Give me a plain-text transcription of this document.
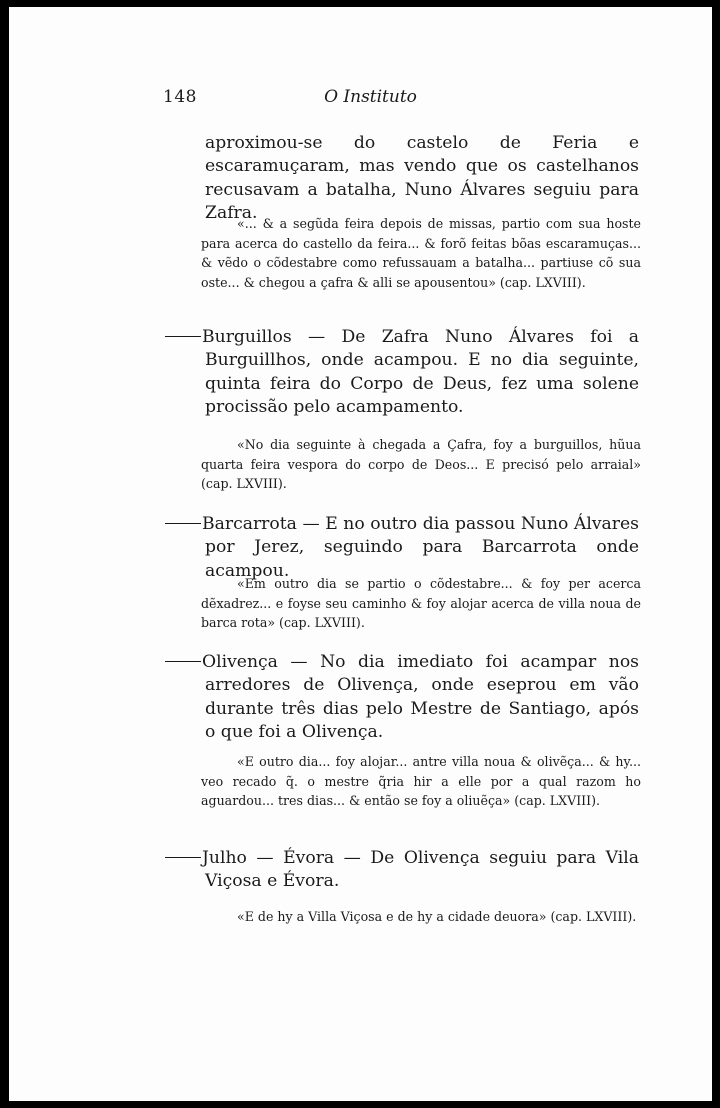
148	O Instituto
aproximou-se do castelo de Feria e escaramuçaram, mas vendo que os castelhanos recusavam a batalha, Nuno Álvares seguiu para Zafra.
«... & a segũda feira depois de missas, partio com sua hoste para acerca do castello da feira... & forõ feitas bõas escaramuças... & vẽdo o cõdestabre como refussauam a batalha... partiuse cõ sua oste... & chegou a çafra & alli se apousentou» (cap. LXVIII).
Burguillos — De Zafra Nuno Álvares foi a Burguillhos, onde acampou. E no dia seguinte, quinta feira do Corpo de Deus, fez uma solene procissão pelo acampamento.
«No dia seguinte à chegada a Çafra, foy a burguillos, hũua quarta feira vespora do corpo de Deos... E precisó pelo arraial» (cap. LXVIII).
Barcarrota — E no outro dia passou Nuno Álvares por Jerez, seguindo para Barcarrota onde acampou.
«Em outro dia se partio o cõdestabre... & foy per acerca dẽxadrez... e foyse seu caminho & foy alojar acerca de villa noua de barca rota» (cap. LXVIII).
Olivença — No dia imediato foi acampar nos arredores de Olivença, onde eseprou em vão durante três dias pelo Mestre de Santiago, após o que foi a Olivença.
«E outro dia... foy alojar... antre villa noua & olivẽça... & hy... veo recado q̃. o mestre q̃ria hir a elle por a qual razom ho aguardou... tres dias... & então se foy a oliuẽça» (cap. LXVIII).
Julho — Évora — De Olivença seguiu para Vila Viçosa e Évora.
«E de hy a Villa Viçosa e de hy a cidade deuora» (cap. LXVIII).
